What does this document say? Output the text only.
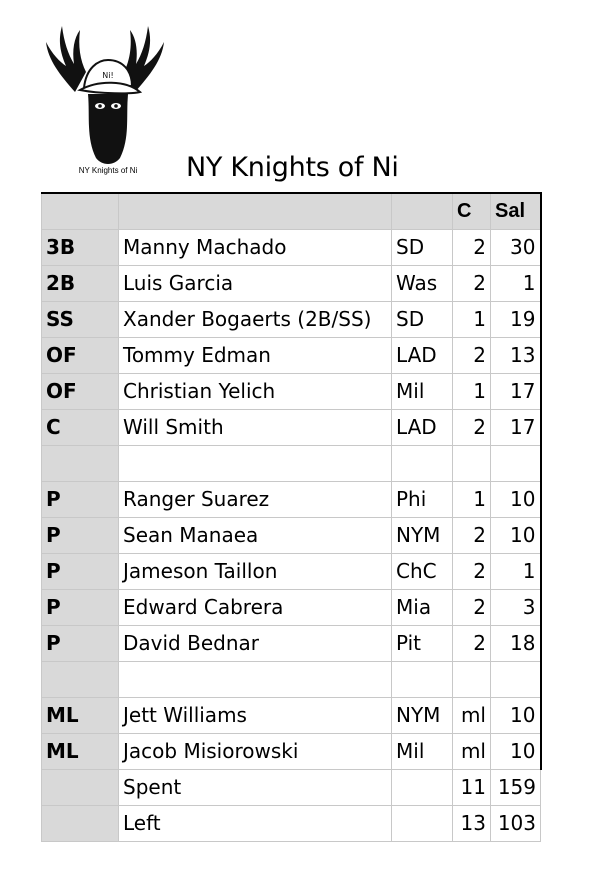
Ni!
NY Knights of Ni	NY Knights of Ni
			C	Sal
3B	Manny Machado	SD	2	30
2B	Luis Garcia	Was	2	1
SS	Xander Bogaerts (2B/SS)	SD	1	19
OF	Tommy Edman	LAD	2	13
OF	Christian Yelich	Mil	1	17
C	Will Smith	LAD	2	17

P	Ranger Suarez	Phi	1	10
P	Sean Manaea	NYM	2	10
P	Jameson Taillon	ChC	2	1
P	Edward Cabrera	Mia	2	3
P	David Bednar	Pit	2	18

ML	Jett Williams	NYM	ml	10
ML	Jacob Misiorowski	Mil	ml	10
	Spent		11	159
	Left		13	103
